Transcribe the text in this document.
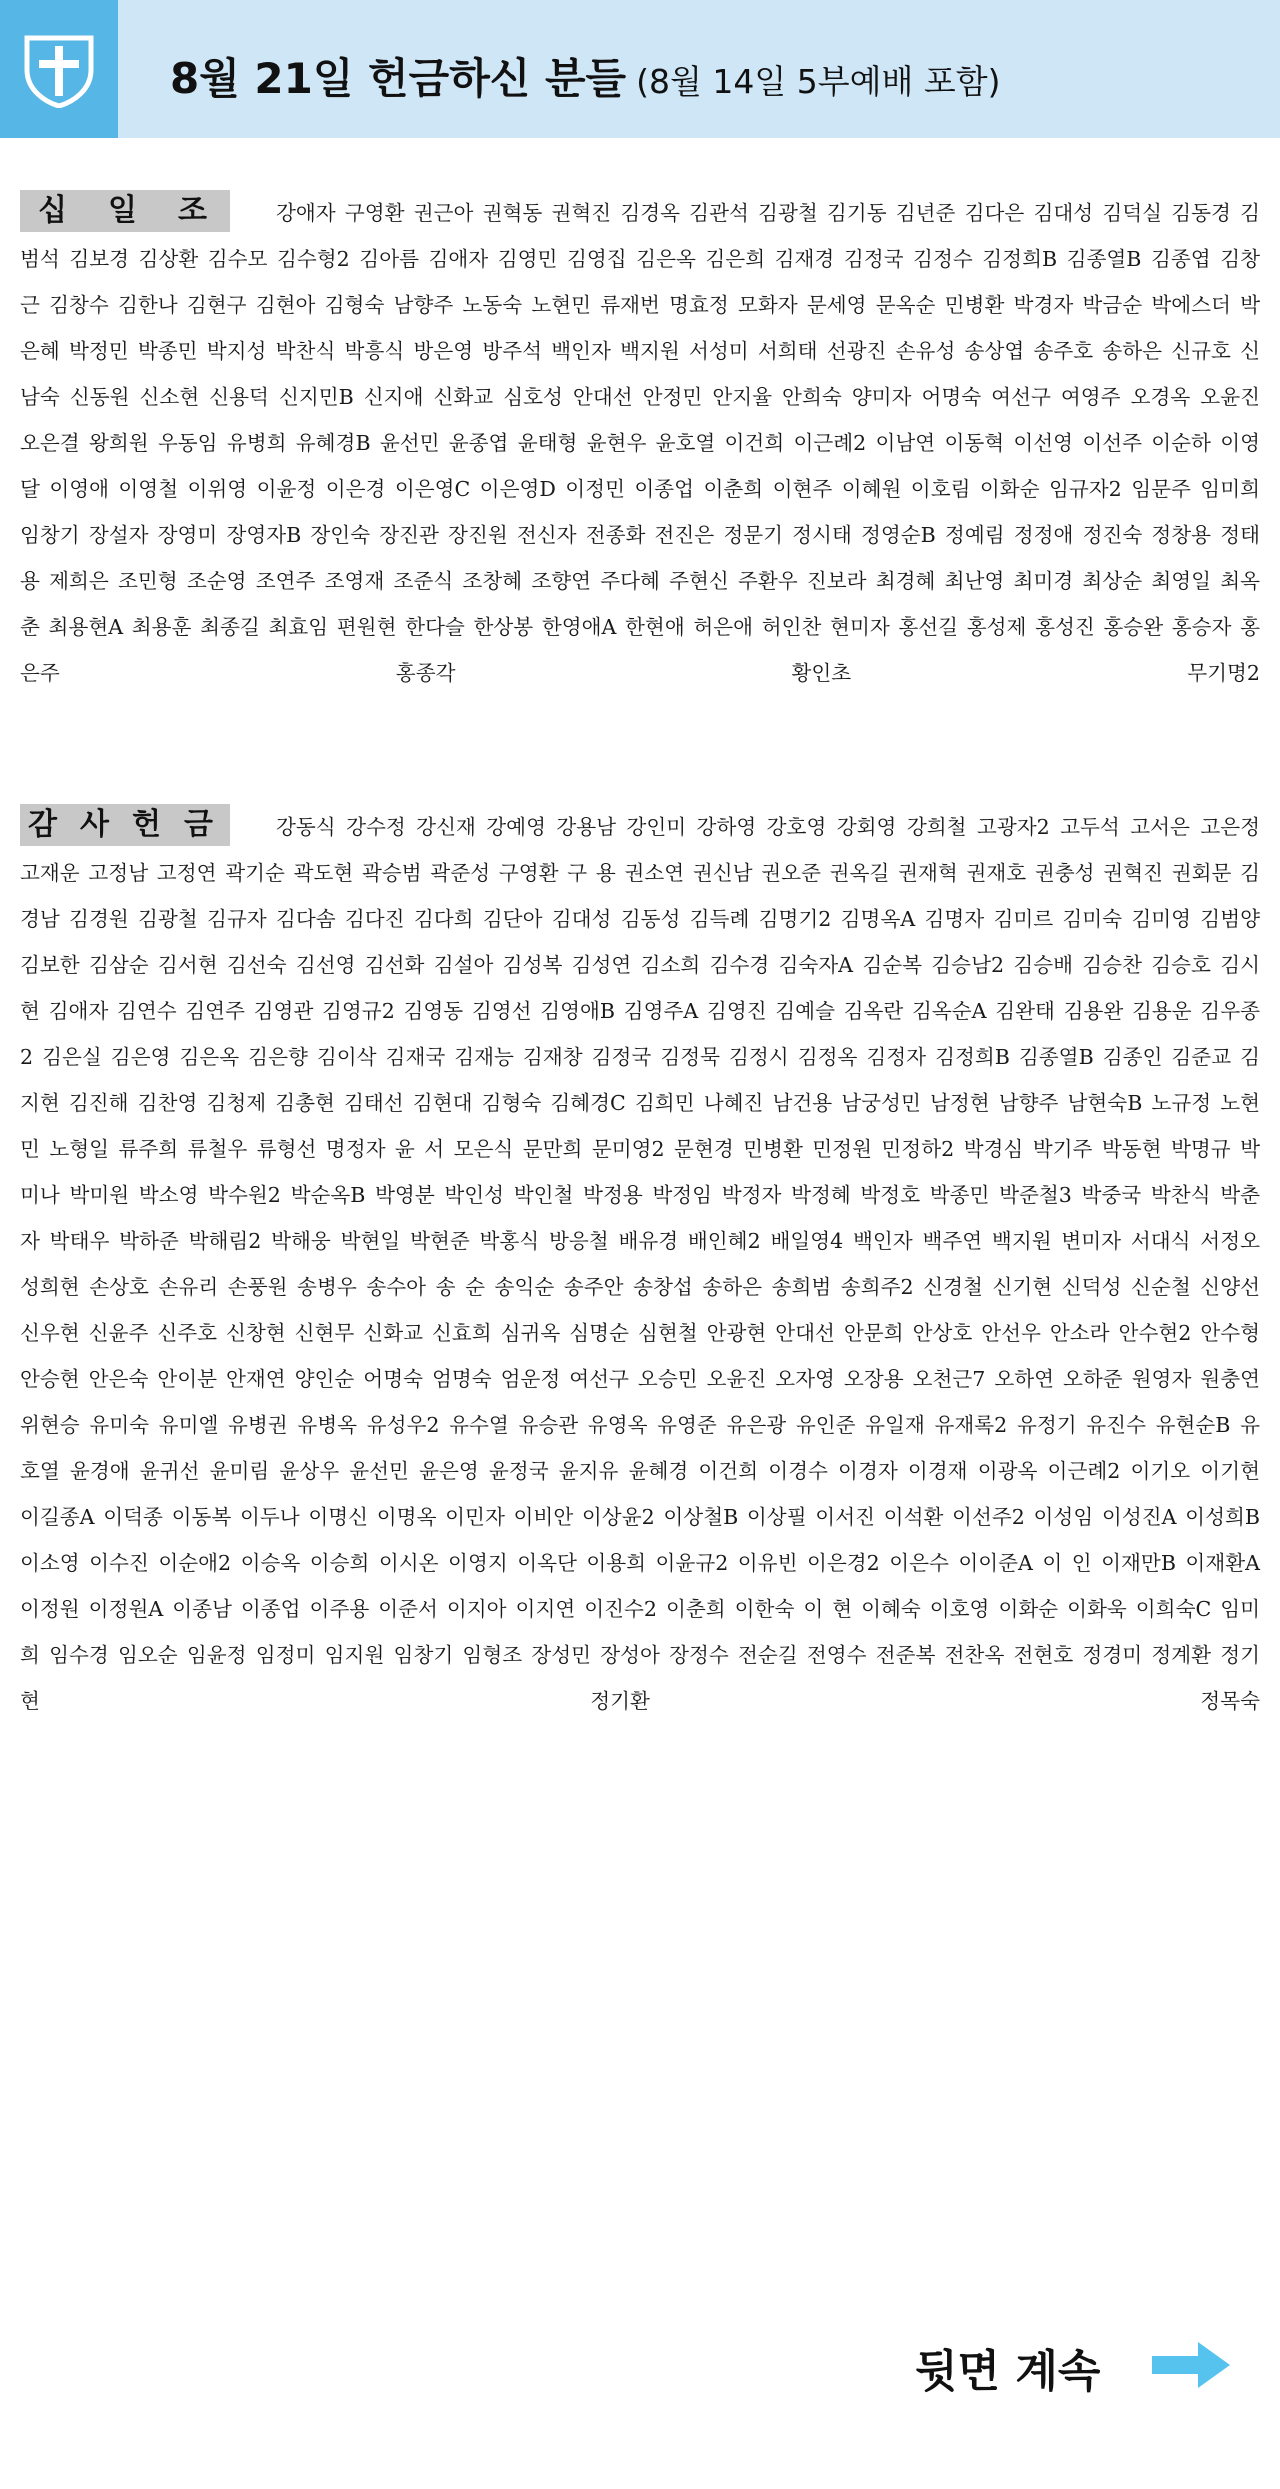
8월 21일 헌금하신 분들 (8월 14일 5부예배 포함)
십 일 조	강애자 구영환 권근아 권혁동 권혁진 김경옥 김관석 김광철 김기동 김년준 김다은 김대성 김덕실 김동경 김범석 김보경 김상환 김수모 김수형2 김아름 김애자 김영민 김영집 김은옥 김은희 김재경 김정국 김정수 김정희B 김종열B 김종엽 김창근 김창수 김한나 김현구 김현아 김형숙 남향주 노동숙 노현민 류재번 명효정 모화자 문세영 문옥순 민병환 박경자 박금순 박에스더 박은혜 박정민 박종민 박지성 박찬식 박흥식 방은영 방주석 백인자 백지원 서성미 서희태 선광진 손유성 송상엽 송주호 송하은 신규호 신남숙 신동원 신소현 신용덕 신지민B 신지애 신화교 심호성 안대선 안정민 안지율 안희숙 양미자 어명숙 여선구 여영주 오경옥 오윤진 오은결 왕희원 우동임 유병희 유혜경B 윤선민 윤종엽 윤태형 윤현우 윤호열 이건희 이근례2 이남연 이동혁 이선영 이선주 이순하 이영달 이영애 이영철 이위영 이윤정 이은경 이은영C 이은영D 이정민 이종업 이춘희 이현주 이혜원 이호림 이화순 임규자2 임문주 임미희 임창기 장설자 장영미 장영자B 장인숙 장진관 장진원 전신자 전종화 전진은 정문기 정시태 정영순B 정예림 정정애 정진숙 정창용 정태용 제희은 조민형 조순영 조연주 조영재 조준식 조창혜 조향연 주다혜 주현신 주환우 진보라 최경혜 최난영 최미경 최상순 최영일 최옥춘 최용현A 최용훈 최종길 최효임 편원현 한다슬 한상봉 한영애A 한현애 허은애 허인찬 현미자 홍선길 홍성제 홍성진 홍승완 홍승자 홍은주 홍종각 황인초 무기명2
감 사 헌 금	강동식 강수정 강신재 강예영 강용남 강인미 강하영 강호영 강회영 강희철 고광자2 고두석 고서은 고은정 고재운 고정남 고정연 곽기순 곽도현 곽승범 곽준성 구영환 구 용 권소연 권신남 권오준 권옥길 권재혁 권재호 권충성 권혁진 권회문 김경남 김경원 김광철 김규자 김다솜 김다진 김다희 김단아 김대성 김동성 김득례 김명기2 김명옥A 김명자 김미르 김미숙 김미영 김범양 김보한 김삼순 김서현 김선숙 김선영 김선화 김설아 김성복 김성연 김소희 김수경 김숙자A 김순복 김승남2 김승배 김승찬 김승호 김시현 김애자 김연수 김연주 김영관 김영규2 김영동 김영선 김영애B 김영주A 김영진 김예슬 김옥란 김옥순A 김완태 김용완 김용운 김우종2 김은실 김은영 김은옥 김은향 김이삭 김재국 김재능 김재창 김정국 김정묵 김정시 김정옥 김정자 김정희B 김종열B 김종인 김준교 김지현 김진해 김찬영 김청제 김총현 김태선 김현대 김형숙 김혜경C 김희민 나혜진 남건용 남궁성민 남정현 남향주 남현숙B 노규정 노현민 노형일 류주희 류철우 류형선 명정자 윤 서 모은식 문만희 문미영2 문현경 민병환 민정원 민정하2 박경심 박기주 박동현 박명규 박미나 박미원 박소영 박수원2 박순옥B 박영분 박인성 박인철 박정용 박정임 박정자 박정혜 박정호 박종민 박준철3 박중국 박찬식 박춘자 박태우 박하준 박해림2 박해웅 박현일 박현준 박홍식 방응철 배유경 배인혜2 배일영4 백인자 백주연 백지원 변미자 서대식 서정오 성희현 손상호 손유리 손풍원 송병우 송수아 송 순 송익순 송주안 송창섭 송하은 송희범 송희주2 신경철 신기현 신덕성 신순철 신양선 신우현 신윤주 신주호 신창현 신현무 신화교 신효희 심귀옥 심명순 심현철 안광현 안대선 안문희 안상호 안선우 안소라 안수현2 안수형 안승현 안은숙 안이분 안재연 양인순 어명숙 엄명숙 엄운정 여선구 오승민 오윤진 오자영 오장용 오천근7 오하연 오하준 원영자 원충연 위현승 유미숙 유미엘 유병권 유병옥 유성우2 유수열 유승관 유영옥 유영준 유은광 유인준 유일재 유재록2 유정기 유진수 유현순B 유호열 윤경애 윤귀선 윤미림 윤상우 윤선민 윤은영 윤정국 윤지유 윤혜경 이건희 이경수 이경자 이경재 이광옥 이근례2 이기오 이기현 이길종A 이덕종 이동복 이두나 이명신 이명옥 이민자 이비안 이상윤2 이상철B 이상필 이서진 이석환 이선주2 이성임 이성진A 이성희B 이소영 이수진 이순애2 이승옥 이승희 이시온 이영지 이옥단 이용희 이윤규2 이유빈 이은경2 이은수 이이준A 이 인 이재만B 이재환A 이정원 이정원A 이종남 이종업 이주용 이준서 이지아 이지연 이진수2 이춘희 이한숙 이 현 이혜숙 이호영 이화순 이화욱 이희숙C 임미희 임수경 임오순 임윤정 임정미 임지원 임창기 임형조 장성민 장성아 장정수 전순길 전영수 전준복 전찬옥 전현호 정경미 정계환 정기현 정기환 정목숙
뒷면 계속
